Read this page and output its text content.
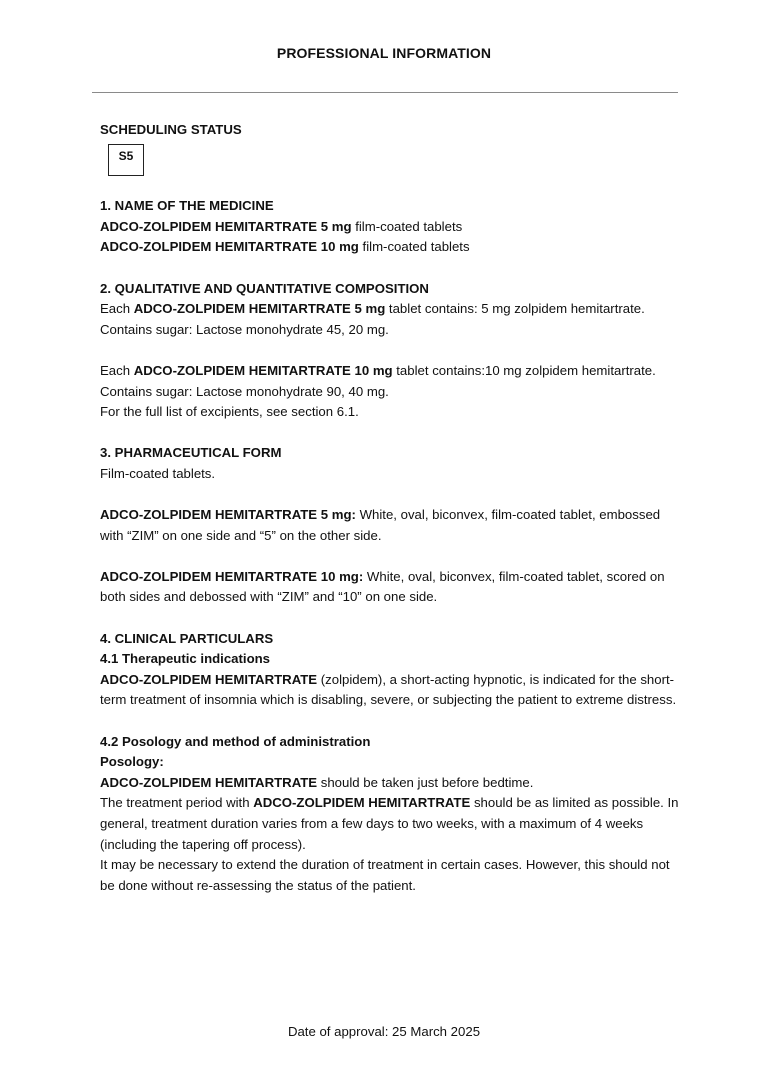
PROFESSIONAL INFORMATION

SCHEDULING STATUS

S5

1. NAME OF THE MEDICINE

ADCO-ZOLPIDEM HEMITARTRATE 5 mg film-coated tablets

ADCO-ZOLPIDEM HEMITARTRATE 10 mg film-coated tablets

2. QUALITATIVE AND QUANTITATIVE COMPOSITION

Each ADCO-ZOLPIDEM HEMITARTRATE 5 mg tablet contains: 5 mg zolpidem hemitartrate.

Contains sugar: Lactose monohydrate 45, 20 mg.

Each ADCO-ZOLPIDEM HEMITARTRATE 10 mg tablet contains:10 mg zolpidem hemitartrate.

Contains sugar: Lactose monohydrate 90, 40 mg.

For the full list of excipients, see section 6.1.

3. PHARMACEUTICAL FORM

Film-coated tablets.

ADCO-ZOLPIDEM HEMITARTRATE 5 mg: White, oval, biconvex, film-coated tablet, embossed with “ZIM” on one side and “5” on the other side.

ADCO-ZOLPIDEM HEMITARTRATE 10 mg: White, oval, biconvex, film-coated tablet, scored on both sides and debossed with “ZIM” and “10” on one side.

4. CLINICAL PARTICULARS

4.1 Therapeutic indications

ADCO-ZOLPIDEM HEMITARTRATE (zolpidem), a short-acting hypnotic, is indicated for the short- term treatment of insomnia which is disabling, severe, or subjecting the patient to extreme distress.

4.2 Posology and method of administration

Posology:

ADCO-ZOLPIDEM HEMITARTRATE should be taken just before bedtime.

The treatment period with ADCO-ZOLPIDEM HEMITARTRATE should be as limited as possible. In general, treatment duration varies from a few days to two weeks, with a maximum of 4 weeks (including the tapering off process).

It may be necessary to extend the duration of treatment in certain cases. However, this should not be done without re-assessing the status of the patient.

Date of approval: 25 March 2025
